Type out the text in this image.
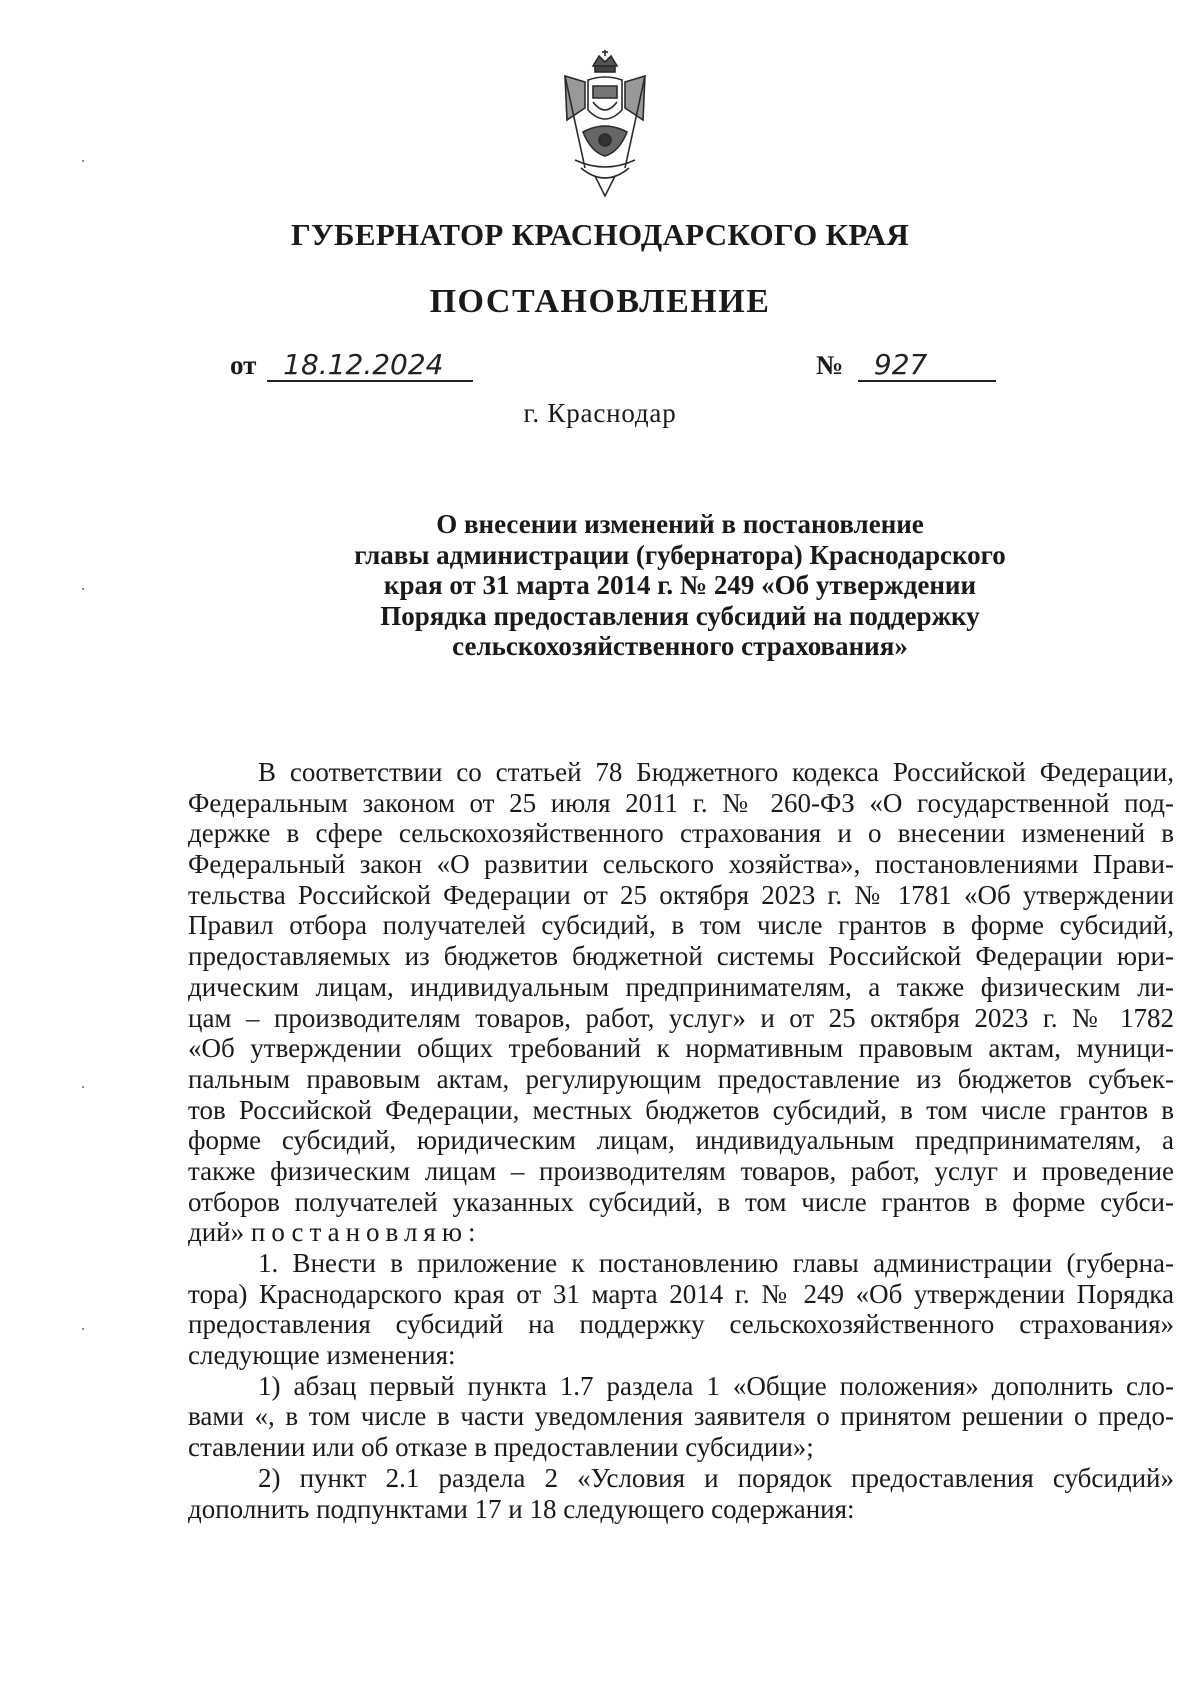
ГУБЕРНАТОР КРАСНОДАРСКОГО КРАЯ
ПОСТАНОВЛЕНИЕ
от 18.12.2024	№ 927
г. Краснодар
О внесении изменений в постановление
главы администрации (губернатора) Краснодарского
края от 31 марта 2014 г. № 249 «Об утверждении
Порядка предоставления субсидий на поддержку
сельскохозяйственного страхования»
В соответствии со статьей 78 Бюджетного кодекса Российской Федерации,
Федеральным законом от 25 июля 2011 г. № 260-ФЗ «О государственной под-
держке в сфере сельскохозяйственного страхования и о внесении изменений в
Федеральный закон «О развитии сельского хозяйства», постановлениями Прави-
тельства Российской Федерации от 25 октября 2023 г. № 1781 «Об утверждении
Правил отбора получателей субсидий, в том числе грантов в форме субсидий,
предоставляемых из бюджетов бюджетной системы Российской Федерации юри-
дическим лицам, индивидуальным предпринимателям, а также физическим ли-
цам – производителям товаров, работ, услуг» и от 25 октября 2023 г. № 1782
«Об утверждении общих требований к нормативным правовым актам, муници-
пальным правовым актам, регулирующим предоставление из бюджетов субъек-
тов Российской Федерации, местных бюджетов субсидий, в том числе грантов в
форме субсидий, юридическим лицам, индивидуальным предпринимателям, а
также физическим лицам – производителям товаров, работ, услуг и проведение
отборов получателей указанных субсидий, в том числе грантов в форме субси-
дий» постановляю:
1. Внести в приложение к постановлению главы администрации (губерна-
тора) Краснодарского края от 31 марта 2014 г. № 249 «Об утверждении Порядка
предоставления субсидий на поддержку сельскохозяйственного страхования»
следующие изменения:
1) абзац первый пункта 1.7 раздела 1 «Общие положения» дополнить сло-
вами «, в том числе в части уведомления заявителя о принятом решении о предо-
ставлении или об отказе в предоставлении субсидии»;
2) пункт 2.1 раздела 2 «Условия и порядок предоставления субсидий»
дополнить подпунктами 17 и 18 следующего содержания:
